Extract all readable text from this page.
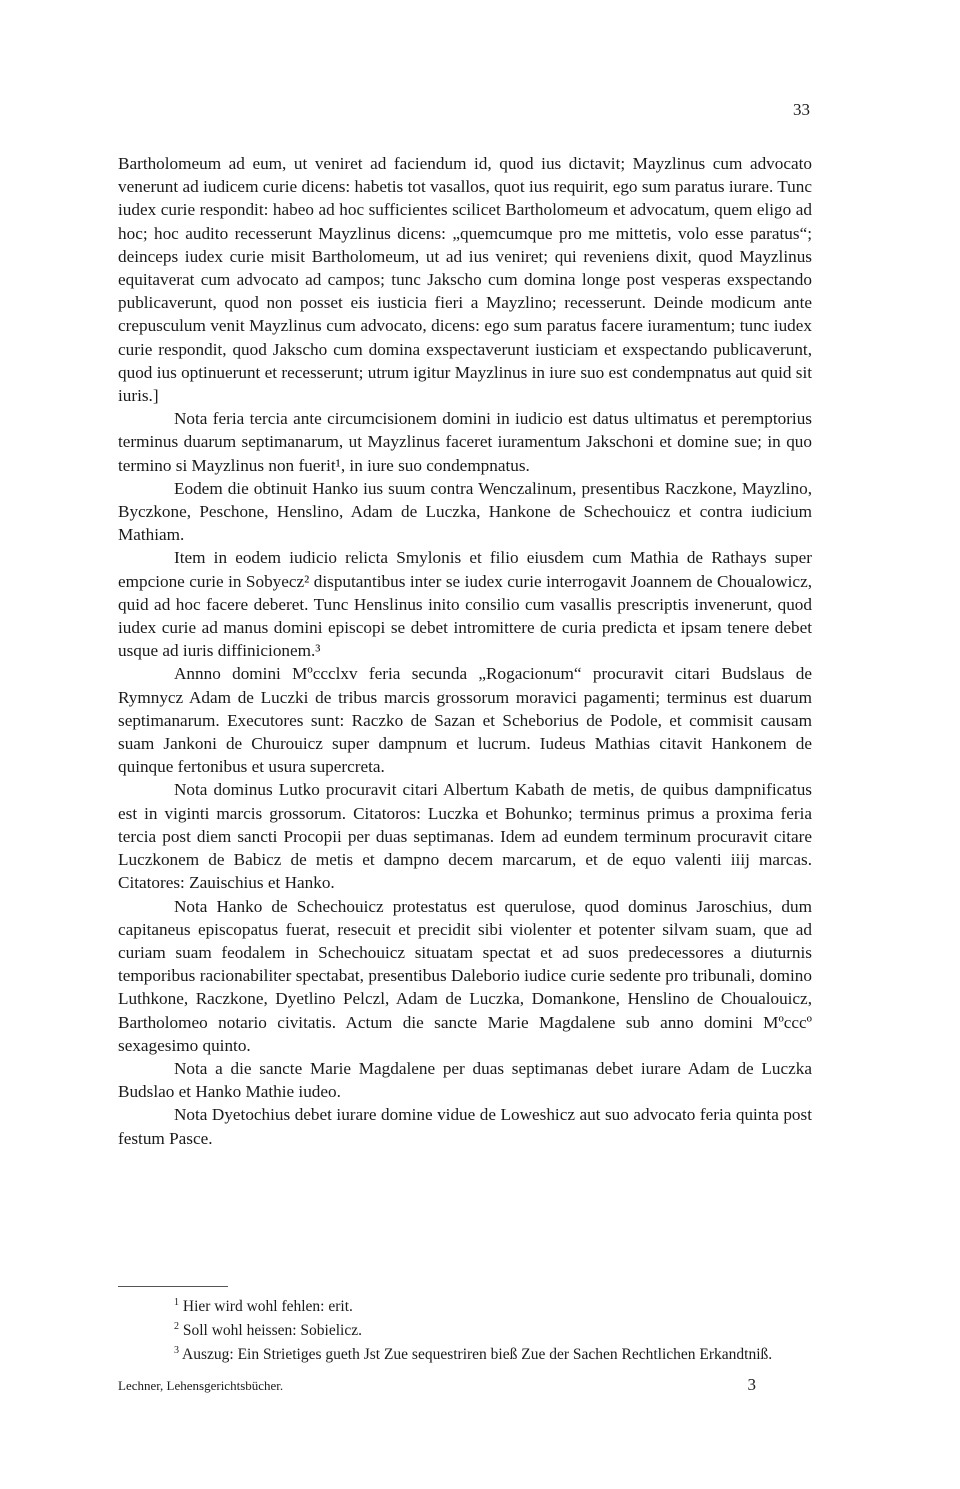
33

Bartholomeum ad eum, ut veniret ad faciendum id, quod ius dictavit; Mayzlinus cum advocato venerunt ad iudicem curie dicens: habetis tot vasallos, quot ius requirit, ego sum paratus iurare. Tunc iudex curie respondit: habeo ad hoc sufficientes scilicet Bartholomeum et advocatum, quem eligo ad hoc; hoc audito recesserunt Mayzlinus dicens: „quemcumque pro me mittetis, volo esse paratus“; deinceps iudex curie misit Bartholomeum, ut ad ius veniret; qui reveniens dixit, quod Mayzlinus equitaverat cum advocato ad campos; tunc Jakscho cum domina longe post vesperas exspectando publicaverunt, quod non posset eis iusticia fieri a Mayzlino; recesserunt. Deinde modicum ante crepusculum venit Mayzlinus cum advocato, dicens: ego sum paratus facere iuramentum; tunc iudex curie respondit, quod Jakscho cum domina exspectaverunt iusticiam et exspectando publicaverunt, quod ius optinuerunt et recesserunt; utrum igitur Mayzlinus in iure suo est condempnatus aut quid sit iuris.]

Nota feria tercia ante circumcisionem domini in iudicio est datus ultimatus et peremptorius terminus duarum septimanarum, ut Mayzlinus faceret iuramentum Jakschoni et domine sue; in quo termino si Mayzlinus non fuerit¹, in iure suo condempnatus.

Eodem die obtinuit Hanko ius suum contra Wenczalinum, presentibus Raczkone, Mayzlino, Byczkone, Peschone, Henslino, Adam de Luczka, Hankone de Schechouicz et contra iudicium Mathiam.

Item in eodem iudicio relicta Smylonis et filio eiusdem cum Mathia de Rathays super empcione curie in Sobyecz² disputantibus inter se iudex curie interrogavit Joannem de Choualowicz, quid ad hoc facere deberet. Tunc Henslinus inito consilio cum vasallis prescriptis invenerunt, quod iudex curie ad manus domini episcopi se debet intromittere de curia predicta et ipsam tenere debet usque ad iuris diffinicionem.³

Annno domini Mºccclxv feria secunda „Rogacionum“ procuravit citari Budslaus de Rymnycz Adam de Luczki de tribus marcis grossorum moravici pagamenti; terminus est duarum septimanarum. Executores sunt: Raczko de Sazan et Scheborius de Podole, et commisit causam suam Jankoni de Churouicz super dampnum et lucrum. Iudeus Mathias citavit Hankonem de quinque fertonibus et usura supercreta.

Nota dominus Lutko procuravit citari Albertum Kabath de metis, de quibus dampnificatus est in viginti marcis grossorum. Citatoros: Luczka et Bohunko; terminus primus a proxima feria tercia post diem sancti Procopii per duas septimanas. Idem ad eundem terminum procuravit citare Luczkonem de Babicz de metis et dampno decem marcarum, et de equo valenti iiij marcas. Citatores: Zauischius et Hanko.

Nota Hanko de Schechouicz protestatus est querulose, quod dominus Jaroschius, dum capitaneus episcopatus fuerat, resecuit et precidit sibi violenter et potenter silvam suam, que ad curiam suam feodalem in Schechouicz situatam spectat et ad suos predecessores a diuturnis temporibus racionabiliter spectabat, presentibus Daleborio iudice curie sedente pro tribunali, domino Luthkone, Raczkone, Dyetlino Pelczl, Adam de Luczka, Domankone, Henslino de Choualouicz, Bartholomeo notario civitatis. Actum die sancte Marie Magdalene sub anno domini Mºcccº sexagesimo quinto.

Nota a die sancte Marie Magdalene per duas septimanas debet iurare Adam de Luczka Budslao et Hanko Mathie iudeo.

Nota Dyetochius debet iurare domine vidue de Loweshicz aut suo advocato feria quinta post festum Pasce.

$^1$ Hier wird wohl fehlen: erit.

$^2$ Soll wohl heissen: Sobielicz.

$^3$ Auszug: Ein Strietiges gueth Jst Zue sequestriren bieß Zue der Sachen Rechtlichen Erkandtniß.

Lechner, Lehensgerichtsbücher.	3
